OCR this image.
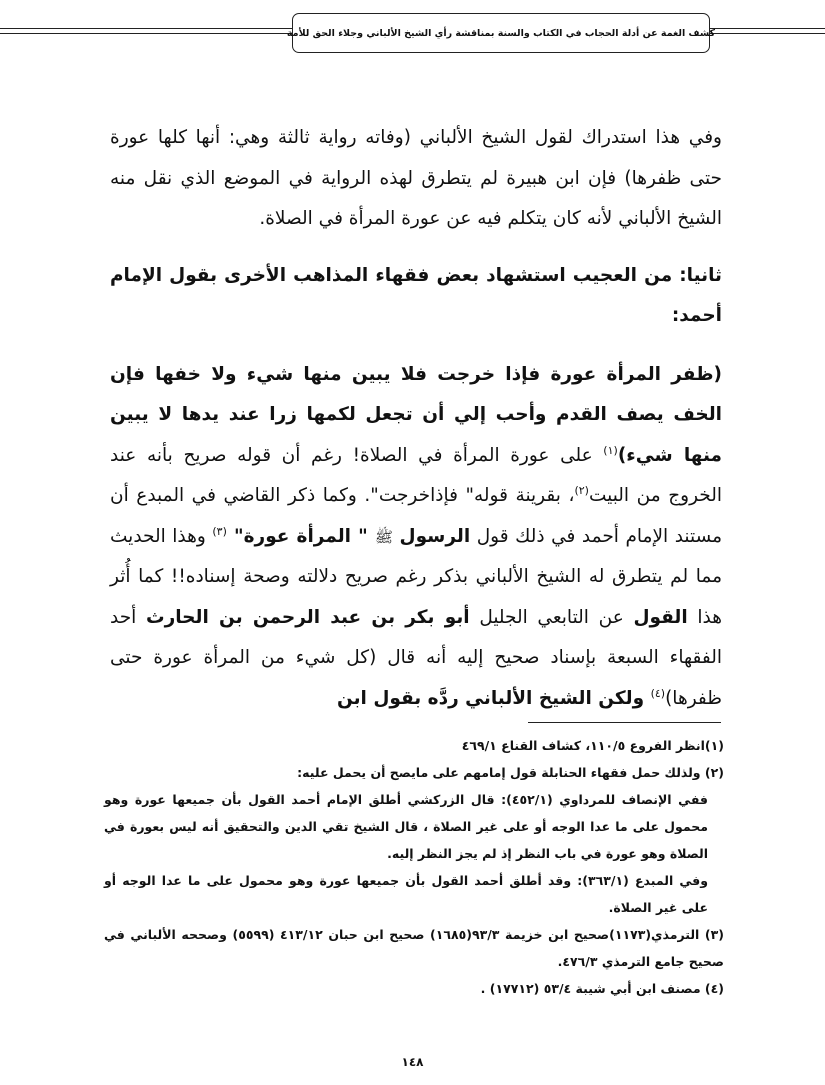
كشف الغمة عن أدلة الحجاب في الكتاب والسنة بمناقشة رأي الشيخ الألباني وجلاء الحق للأمة

وفي هذا استدراك لقول الشيخ الألباني (وفاته رواية ثالثة وهي: أنها كلها عورة حتى ظفرها) فإن ابن هبيرة لم يتطرق لهذه الرواية في الموضع الذي نقل منه الشيخ الألباني لأنه كان يتكلم فيه عن عورة المرأة في الصلاة.

ثانيا: من العجيب استشهاد بعض فقهاء المذاهب الأخرى بقول الإمام أحمد:

(ظفر المرأة عورة فإذا خرجت فلا يبين منها شيء ولا خفها فإن الخف يصف القدم وأحب إلي أن تجعل لكمها زرا عند يدها لا يبين منها شيء)$^{(١)}$ على عورة المرأة في الصلاة! رغم أن قوله صريح بأنه عند الخروج من البيت$^{(٢)}$، بقرينة قوله" فإذاخرجت". وكما ذكر القاضي في المبدع أن مستند الإمام أحمد في ذلك قول الرسول ﷺ " المرأة عورة" $^{(٣)}$ وهذا الحديث مما لم يتطرق له الشيخ الألباني بذكر رغم صريح دلالته وصحة إسناده!! كما أُثر هذا القول عن التابعي الجليل أبو بكر بن عبد الرحمن بن الحارث أحد الفقهاء السبعة بإسناد صحيح إليه أنه قال (كل شيء من المرأة عورة حتى ظفرها)$^{(٤)}$ ولكن الشيخ الألباني ردَّه بقول ابن

(١)انظر الفروع ١١٠/٥، كشاف القناع ٤٦٩/١

(٢) ولذلك حمل فقهاء الحنابلة قول إمامهم على مايصح أن يحمل عليه:

ففي الإنصاف للمرداوي (٤٥٢/١): قال الزركشي أطلق الإمام أحمد القول بأن جميعها عورة وهو محمول على ما عدا الوجه أو على غير الصلاة ، قال الشيخ تقي الدين والتحقيق أنه ليس بعورة في الصلاة وهو عورة في باب النظر إذ لم يجز النظر إليه.

وفي المبدع (٣٦٣/١): وقد أطلق أحمد القول بأن جميعها عورة وهو محمول على ما عدا الوجه أو على غير الصلاة.

(٣) الترمذي(١١٧٣)صحيح ابن خزيمة ٩٣/٣(١٦٨٥) صحيح ابن حبان ٤١٣/١٢ (٥٥٩٩) وصححه الألباني في صحيح جامع الترمذي ٤٧٦/٣.

(٤) مصنف ابن أبي شيبة ٥٣/٤ (١٧٧١٢) .

١٤٨
